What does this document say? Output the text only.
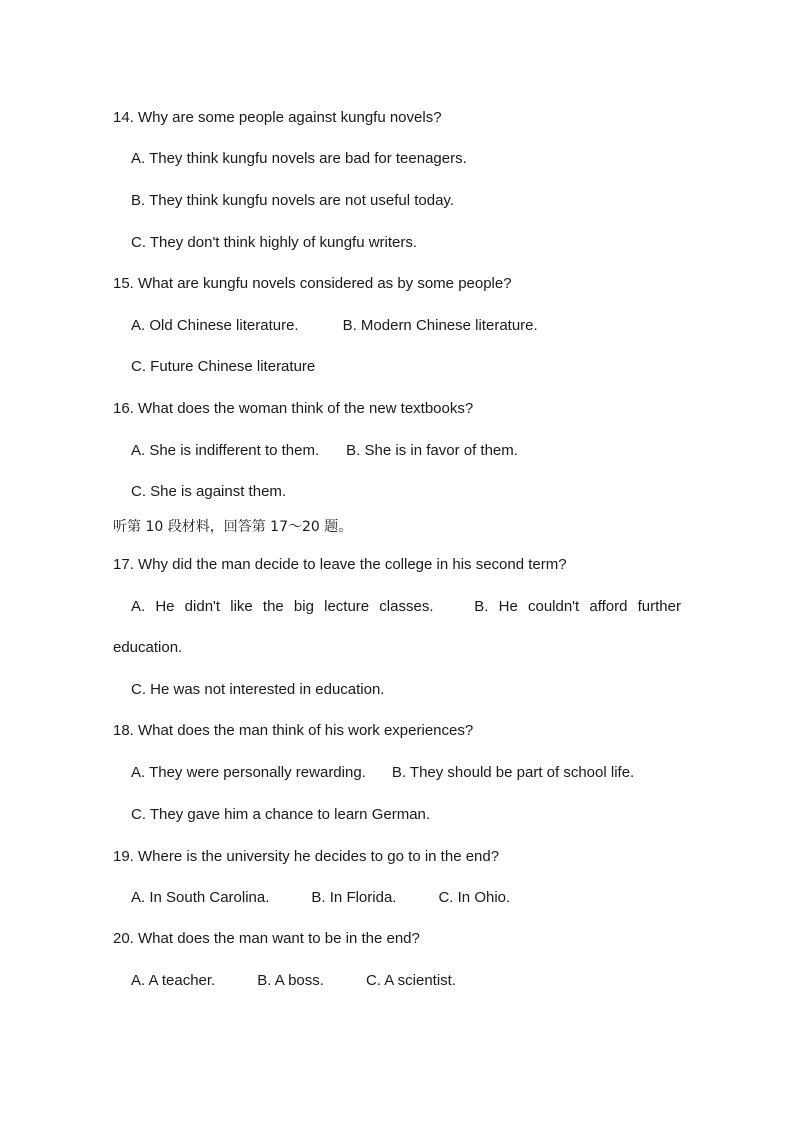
14. Why are some people against kungfu novels?
A. They think kungfu novels are bad for teenagers.
B. They think kungfu novels are not useful today.
C. They don't think highly of kungfu writers.
15. What are kungfu novels considered as by some people?
A. Old Chinese literature.	B. Modern Chinese literature.
C. Future Chinese literature
16. What does the woman think of the new textbooks?
A. She is indifferent to them. B. She is in favor of them.
C. She is against them.
听第 10 段材料，回答第 17～20 题。
17. Why did the man decide to leave the college in his second term?
A. He didn't like the big lecture classes.	B. He couldn't afford further
education.
C. He was not interested in education.
18. What does the man think of his work experiences?
A. They were personally rewarding. B. They should be part of school life.
C. They gave him a chance to learn German.
19. Where is the university he decides to go to in the end?
A. In South Carolina.	B. In Florida.	C. In Ohio.
20. What does the man want to be in the end?
A. A teacher.	B. A boss.	C. A scientist.
